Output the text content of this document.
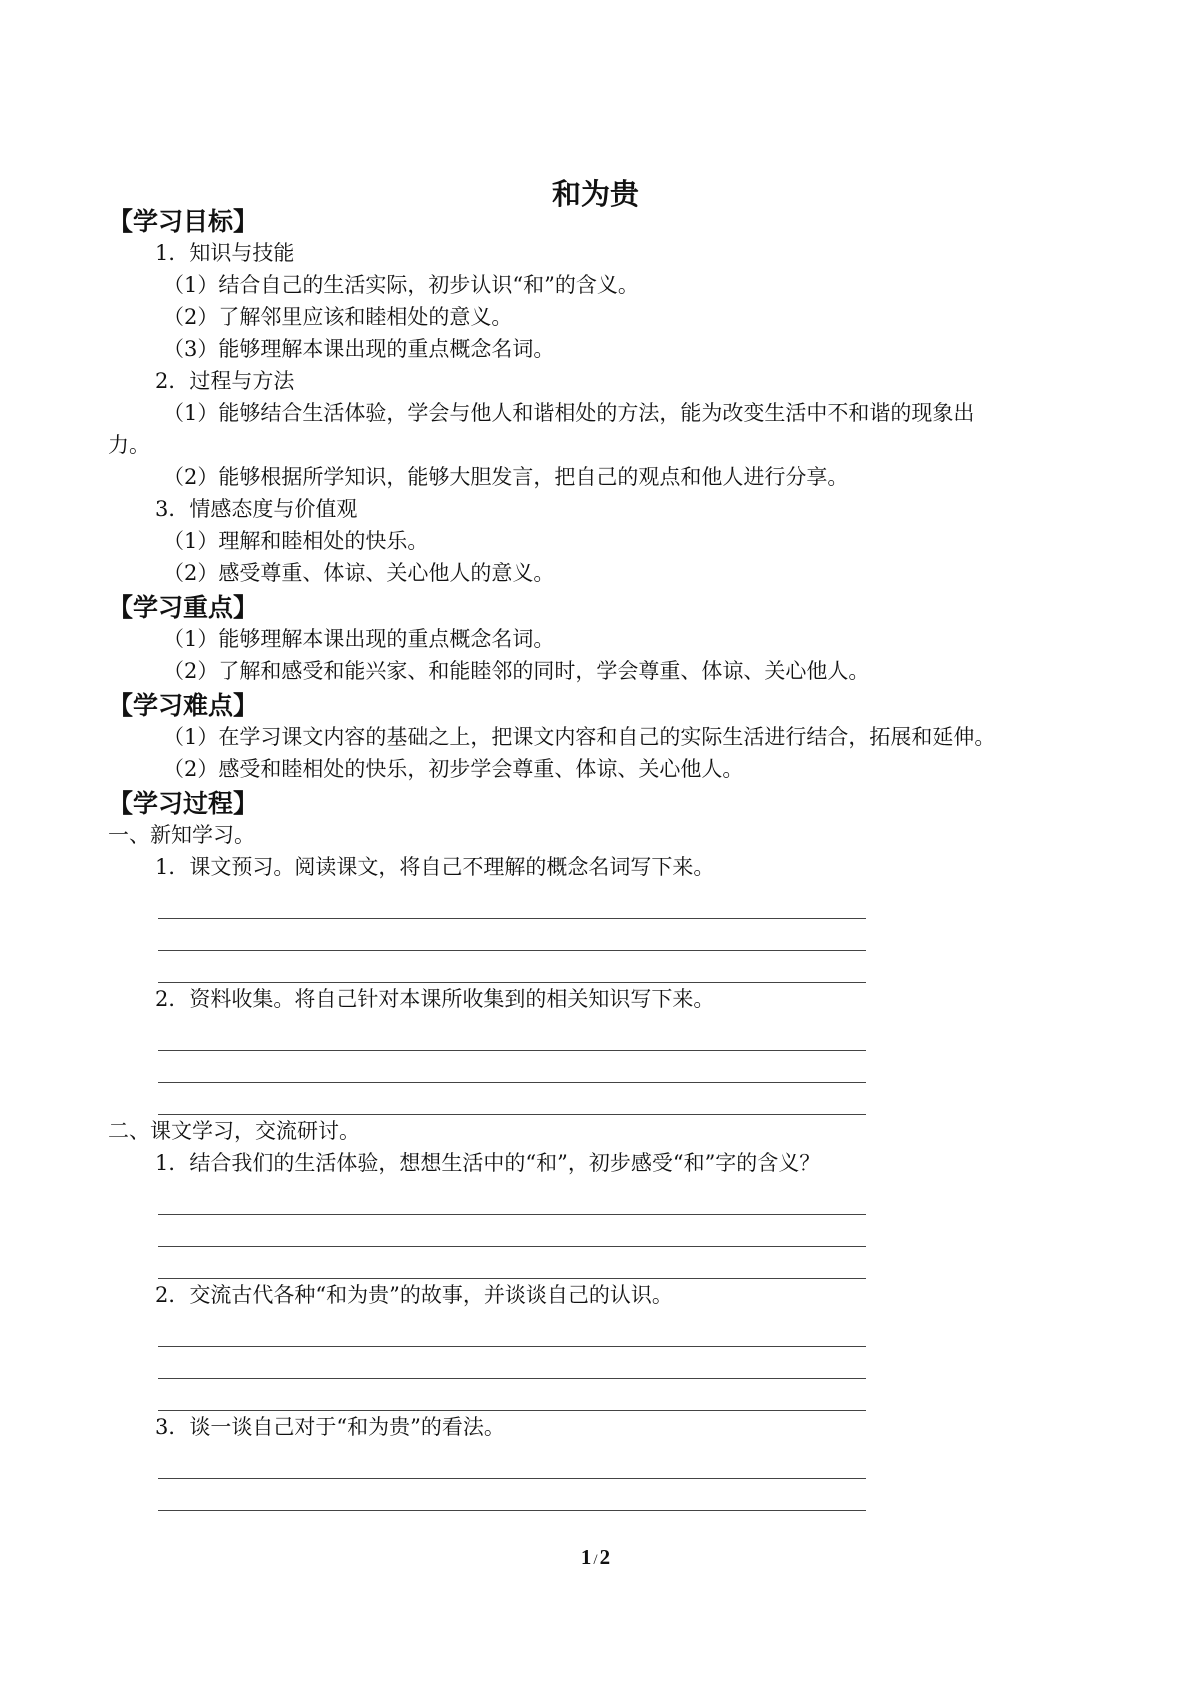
和为贵
【学习目标】
1．知识与技能
（1）结合自己的生活实际，初步认识“和”的含义。
（2）了解邻里应该和睦相处的意义。
（3）能够理解本课出现的重点概念名词。
2．过程与方法
（1）能够结合生活体验，学会与他人和谐相处的方法，能为改变生活中不和谐的现象出
力。
（2）能够根据所学知识，能够大胆发言，把自己的观点和他人进行分享。
3．情感态度与价值观
（1）理解和睦相处的快乐。
（2）感受尊重、体谅、关心他人的意义。
【学习重点】
（1）能够理解本课出现的重点概念名词。
（2）了解和感受和能兴家、和能睦邻的同时，学会尊重、体谅、关心他人。
【学习难点】
（1）在学习课文内容的基础之上，把课文内容和自己的实际生活进行结合，拓展和延伸。
（2）感受和睦相处的快乐，初步学会尊重、体谅、关心他人。
【学习过程】
一、新知学习。
1．课文预习。阅读课文，将自己不理解的概念名词写下来。
2．资料收集。将自己针对本课所收集到的相关知识写下来。
二、课文学习，交流研讨。
1．结合我们的生活体验，想想生活中的“和”，初步感受“和”字的含义？
2．交流古代各种“和为贵”的故事，并谈谈自己的认识。
3．谈一谈自己对于“和为贵”的看法。
1 /2
